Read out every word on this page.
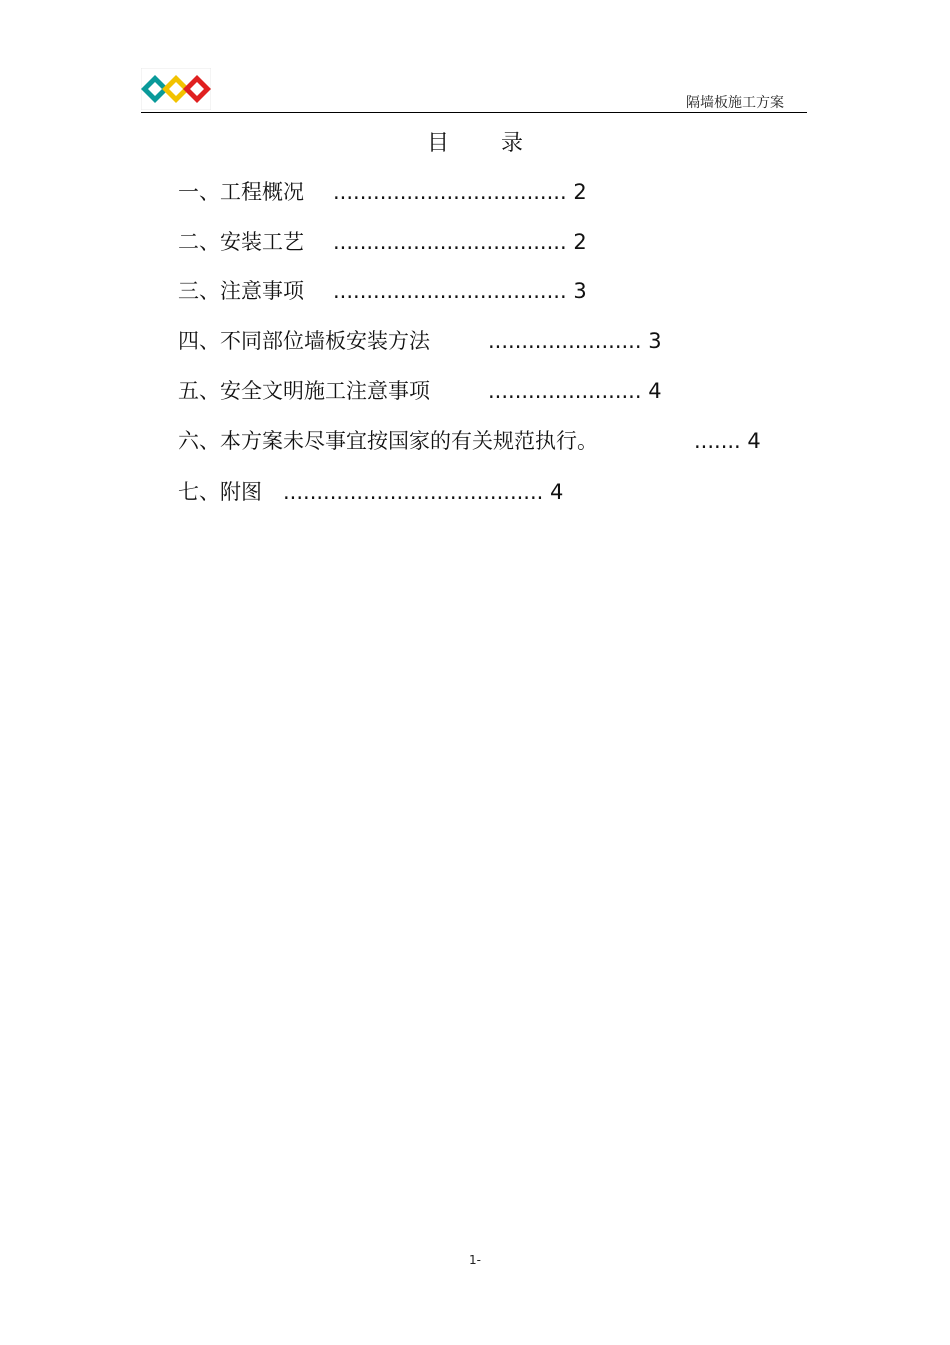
隔墙板施工方案
目 录
一、工程概况 ................................... 2
二、安装工艺 ................................... 2
三、注意事项 ................................... 3
四、不同部位墙板安装方法	....................... 3
五、安全文明施工注意事项	....................... 4
六、本方案未尽事宜按国家的有关规范执行。	....... 4
七、附图 ....................................... 4
1-
